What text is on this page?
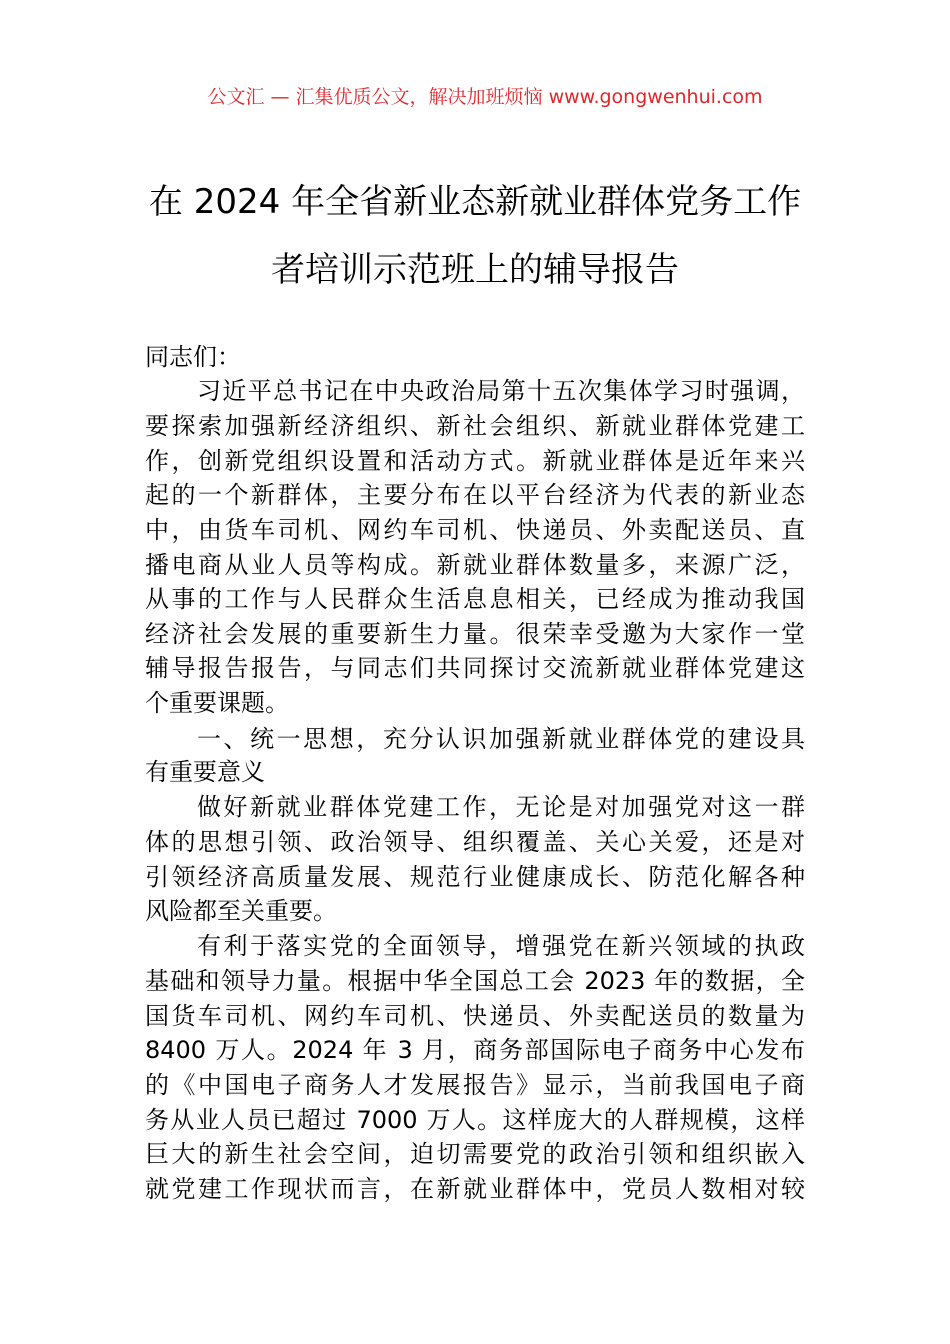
公文汇 — 汇集优质公文，解决加班烦恼 www.gongwenhui.com
在 2024 年全省新业态新就业群体党务工作
者培训示范班上的辅导报告
同志们：
习近平总书记在中央政治局第十五次集体学习时强调，
要探索加强新经济组织、新社会组织、新就业群体党建工
作，创新党组织设置和活动方式。新就业群体是近年来兴
起的一个新群体，主要分布在以平台经济为代表的新业态
中，由货车司机、网约车司机、快递员、外卖配送员、直
播电商从业人员等构成。新就业群体数量多，来源广泛，
从事的工作与人民群众生活息息相关，已经成为推动我国
经济社会发展的重要新生力量。很荣幸受邀为大家作一堂
辅导报告报告，与同志们共同探讨交流新就业群体党建这
个重要课题。
一、统一思想，充分认识加强新就业群体党的建设具
有重要意义
做好新就业群体党建工作，无论是对加强党对这一群
体的思想引领、政治领导、组织覆盖、关心关爱，还是对
引领经济高质量发展、规范行业健康成长、防范化解各种
风险都至关重要。
有利于落实党的全面领导，增强党在新兴领域的执政
基础和领导力量。根据中华全国总工会 2023 年的数据，全
国货车司机、网约车司机、快递员、外卖配送员的数量为
8400 万人。2024 年 3 月，商务部国际电子商务中心发布
的《中国电子商务人才发展报告》显示，当前我国电子商
务从业人员已超过 7000 万人。这样庞大的人群规模，这样
巨大的新生社会空间，迫切需要党的政治引领和组织嵌入
就党建工作现状而言，在新就业群体中，党员人数相对较
